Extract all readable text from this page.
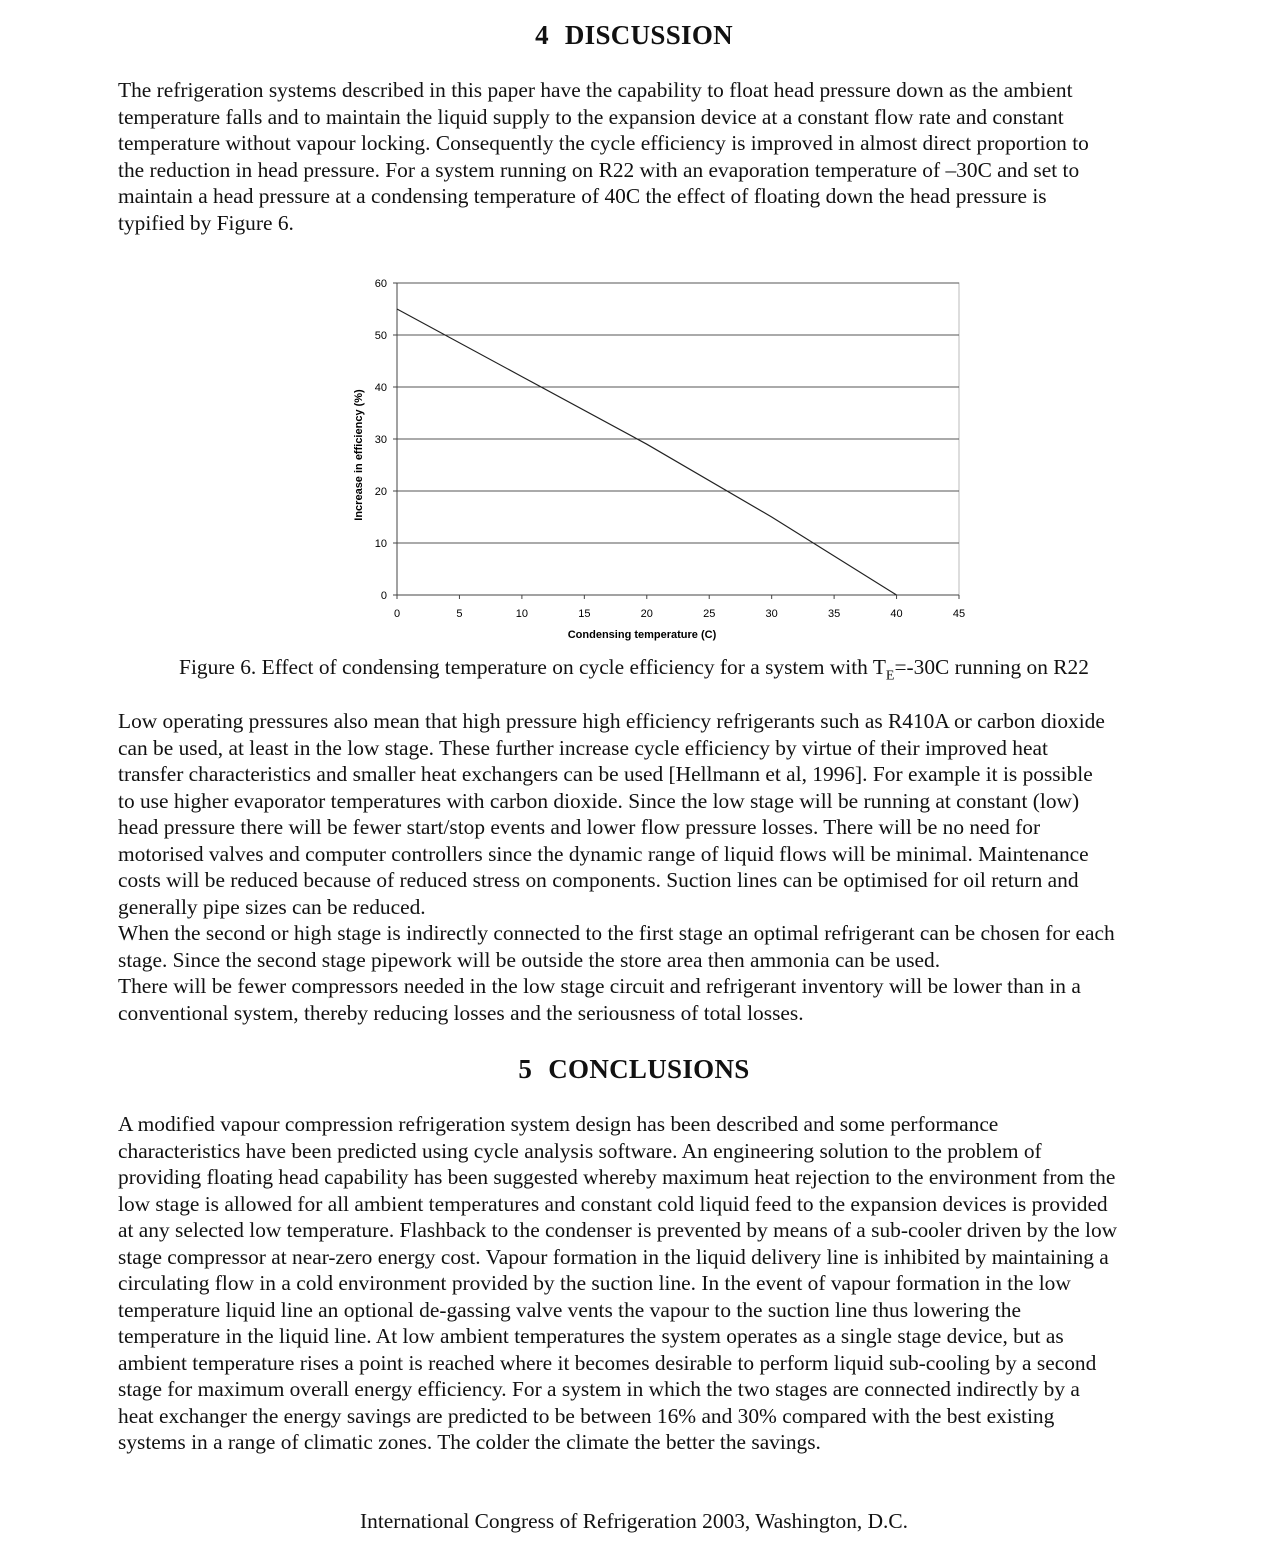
4 DISCUSSION

The refrigeration systems described in this paper have the capability to float head pressure down as the ambient
temperature falls and to maintain the liquid supply to the expansion device at a constant flow rate and constant
temperature without vapour locking. Consequently the cycle efficiency is improved in almost direct proportion to
the reduction in head pressure. For a system running on R22 with an evaporation temperature of –30C and set to
maintain a head pressure at a condensing temperature of 40C the effect of floating down the head pressure is
typified by Figure 6.

0
10
20
30
40
50
60
0	5	10	15	20	25	30	35	40	45
Condensing temperature (C)
Increase in efficiency (%)

Figure 6. Effect of condensing temperature on cycle efficiency for a system with $T_E=-30C$ running on R22

Low operating pressures also mean that high pressure high efficiency refrigerants such as R410A or carbon dioxide
can be used, at least in the low stage. These further increase cycle efficiency by virtue of their improved heat
transfer characteristics and smaller heat exchangers can be used [Hellmann et al, 1996]. For example it is possible
to use higher evaporator temperatures with carbon dioxide. Since the low stage will be running at constant (low)
head pressure there will be fewer start/stop events and lower flow pressure losses. There will be no need for
motorised valves and computer controllers since the dynamic range of liquid flows will be minimal. Maintenance
costs will be reduced because of reduced stress on components. Suction lines can be optimised for oil return and
generally pipe sizes can be reduced.
When the second or high stage is indirectly connected to the first stage an optimal refrigerant can be chosen for each
stage. Since the second stage pipework will be outside the store area then ammonia can be used.
There will be fewer compressors needed in the low stage circuit and refrigerant inventory will be lower than in a
conventional system, thereby reducing losses and the seriousness of total losses.

5 CONCLUSIONS

A modified vapour compression refrigeration system design has been described and some performance
characteristics have been predicted using cycle analysis software. An engineering solution to the problem of
providing floating head capability has been suggested whereby maximum heat rejection to the environment from the
low stage is allowed for all ambient temperatures and constant cold liquid feed to the expansion devices is provided
at any selected low temperature. Flashback to the condenser is prevented by means of a sub-cooler driven by the low
stage compressor at near-zero energy cost. Vapour formation in the liquid delivery line is inhibited by maintaining a
circulating flow in a cold environment provided by the suction line. In the event of vapour formation in the low
temperature liquid line an optional de-gassing valve vents the vapour to the suction line thus lowering the
temperature in the liquid line. At low ambient temperatures the system operates as a single stage device, but as
ambient temperature rises a point is reached where it becomes desirable to perform liquid sub-cooling by a second
stage for maximum overall energy efficiency. For a system in which the two stages are connected indirectly by a
heat exchanger the energy savings are predicted to be between 16% and 30% compared with the best existing
systems in a range of climatic zones. The colder the climate the better the savings.

International Congress of Refrigeration 2003, Washington, D.C.
